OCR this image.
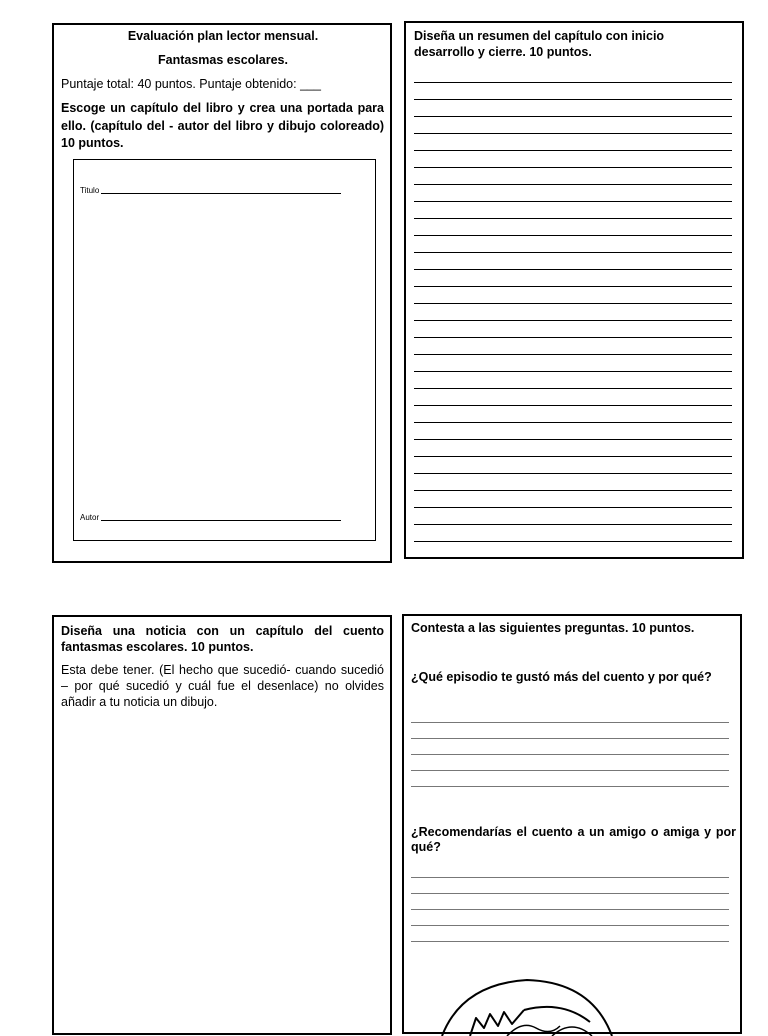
Evaluación plan lector mensual.
Fantasmas escolares.
Puntaje total: 40 puntos. Puntaje obtenido: ___
Escoge un capítulo del libro y crea una portada para ello. (capítulo del - autor del libro y dibujo coloreado) 10 puntos.
Titulo
Autor
Diseña un resumen del capítulo con inicio desarrollo y cierre. 10 puntos.
Diseña una noticia con un capítulo del cuento fantasmas escolares. 10 puntos.
Esta debe tener. (El hecho que sucedió- cuando sucedió – por qué sucedió y cuál fue el desenlace) no olvides añadir a tu noticia un dibujo.
Contesta a las siguientes preguntas. 10 puntos.
¿Qué episodio te gustó más del cuento y por qué?
¿Recomendarías el cuento a un amigo o amiga y por qué?
